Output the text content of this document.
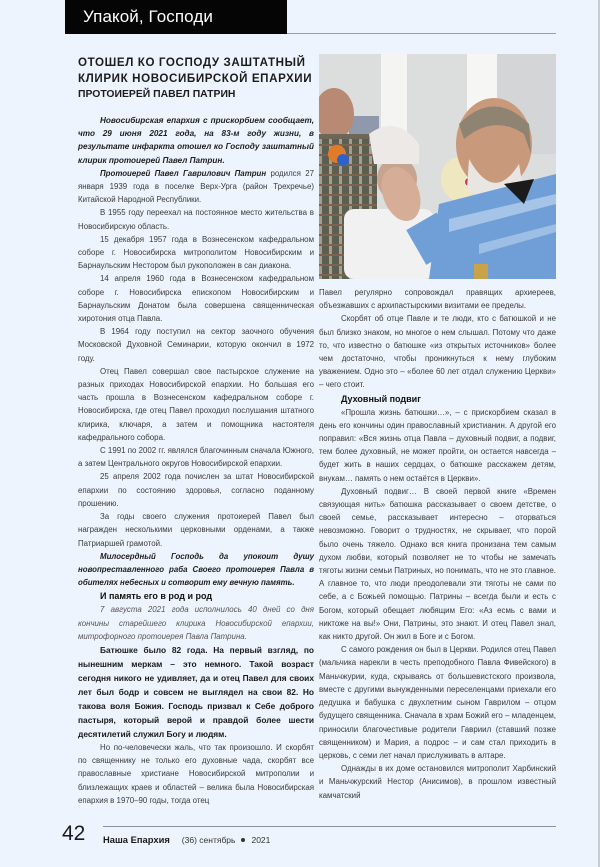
Упакой, Господи
ОТОШЕЛ КО ГОСПОДУ ЗАШТАТНЫЙ
КЛИРИК НОВОСИБИРСКОЙ ЕПАРХИИ
ПРОТОИЕРЕЙ ПАВЕЛ ПАТРИН

Новосибирская епархия с прискорбием сообщает, что 29 июня 2021 года, на 83-м году жизни, в результате инфаркта отошел ко Господу заштатный клирик протоиерей Павел Патрин.

Протоиерей Павел Гаврилович Патрин родился 27 января 1939 года в поселке Верх-Урга (район Трехречье) Китайской Народной Республики.

В 1955 году переехал на постоянное место жительства в Новосибирскую область.

15 декабря 1957 года в Вознесенском кафедральном соборе г. Новосибирска митрополитом Новосибирским и Барнаульским Нестором был рукоположен в сан диакона.

14 апреля 1960 года в Вознесенском кафедральном соборе г. Новосибирска епископом Новосибирским и Барнаульским Донатом была совершена священническая хиротония отца Павла.

В 1964 году поступил на сектор заочного обучения Московской Духовной Семинарии, которую окончил в 1972 году.

Отец Павел совершал свое пастырское служение на разных приходах Новосибирской епархии. Но большая его часть прошла в Вознесенском кафедральном соборе г. Новосибирска, где отец Павел проходил послушания штатного клирика, ключаря, а затем и помощника настоятеля кафедрального собора.

С 1991 по 2002 гг. являлся благочинным сначала Южного, а затем Центрального округов Новосибирской епархии.

25 апреля 2002 года почислен за штат Новосибирской епархии по состоянию здоровья, согласно поданному прошению.

За годы своего служения протоиерей Павел был награжден несколькими церковными орденами, а также Патриаршей грамотой.

Милосердный Господь да упокоит душу новопреставленного раба Своего протоиерея Павла в обителях небесных и сотворит ему вечную память.

И память его в род и род

7 августа 2021 года исполнилось 40 дней со дня кончины старейшего клирика Новосибирской епархии, митрофорного протоиерея Павла Патрина.

Батюшке было 82 года. На первый взгляд, по нынешним меркам – это немного. Такой возраст сегодня никого не удивляет, да и отец Павел для своих лет был бодр и совсем не выглядел на свои 82. Но такова воля Божия. Господь призвал к Себе доброго пастыря, который верой и правдой более шести десятилетий служил Богу и людям.

Но по-человечески жаль, что так произошло. И скорбят по священнику не только его духовные чада, скорбят все православные христиане Новосибирской митрополии и близлежащих краев и областей – велика была Новосибирская епархия в 1970–90 годы, тогда отец

Павел регулярно сопровождал правящих архиереев, объезжавших с архипастырскими визитами ее пределы.

Скорбят об отце Павле и те люди, кто с батюшкой и не был близко знаком, но многое о нем слышал. Потому что даже то, что известно о батюшке «из открытых источников» более чем достаточно, чтобы проникнуться к нему глубоким уважением. Одно это – «более 60 лет отдал служению Церкви» – чего стоит.

Духовный подвиг

«Прошла жизнь батюшки…», – с прискорбием сказал в день его кончины один православный христианин. А другой его поправил: «Вся жизнь отца Павла – духовный подвиг, а подвиг, тем более духовный, не может пройти, он остается навсегда – будет жить в наших сердцах, о батюшке расскажем детям, внукам… память о нем остаётся в Церкви».

Духовный подвиг… В своей первой книге «Времен связующая нить» батюшка рассказывает о своем детстве, о своей семье, рассказывает интересно – оторваться невозможно. Говорит о трудностях, не скрывает, что порой было очень тяжело. Однако вся книга пронизана тем самым духом любви, который позволяет не то чтобы не замечать тяготы жизни семьи Патриных, но понимать, что не это главное. А главное то, что люди преодолевали эти тяготы не сами по себе, а с Божьей помощью. Патрины – всегда были и есть с Богом, который обещает любящим Его: «Аз есмь с вами и никтоже на вы!» Они, Патрины, это знают. И отец Павел знал, как никто другой. Он жил в Боге и с Богом.

С самого рождения он был в Церкви. Родился отец Павел (мальчика нарекли в честь преподобного Павла Фивейского) в Маньчжурии, куда, скрываясь от большевистского произвола, вместе с другими вынужденными переселенцами приехали его дедушка и бабушка с двухлетним сыном Гаврилом – отцом будущего священника. Сначала в храм Божий его – младенцем, приносили благочестивые родители Гавриил (ставший позже священником) и Мария, а подрос – и сам стал приходить в церковь, с семи лет начал прислуживать в алтаре.

Однажды в их доме остановился митрополит Харбинский и Маньчжурский Нестор (Анисимов), в прошлом известный камчатский

42 Наша Епархия (36) сентябрь 2021
